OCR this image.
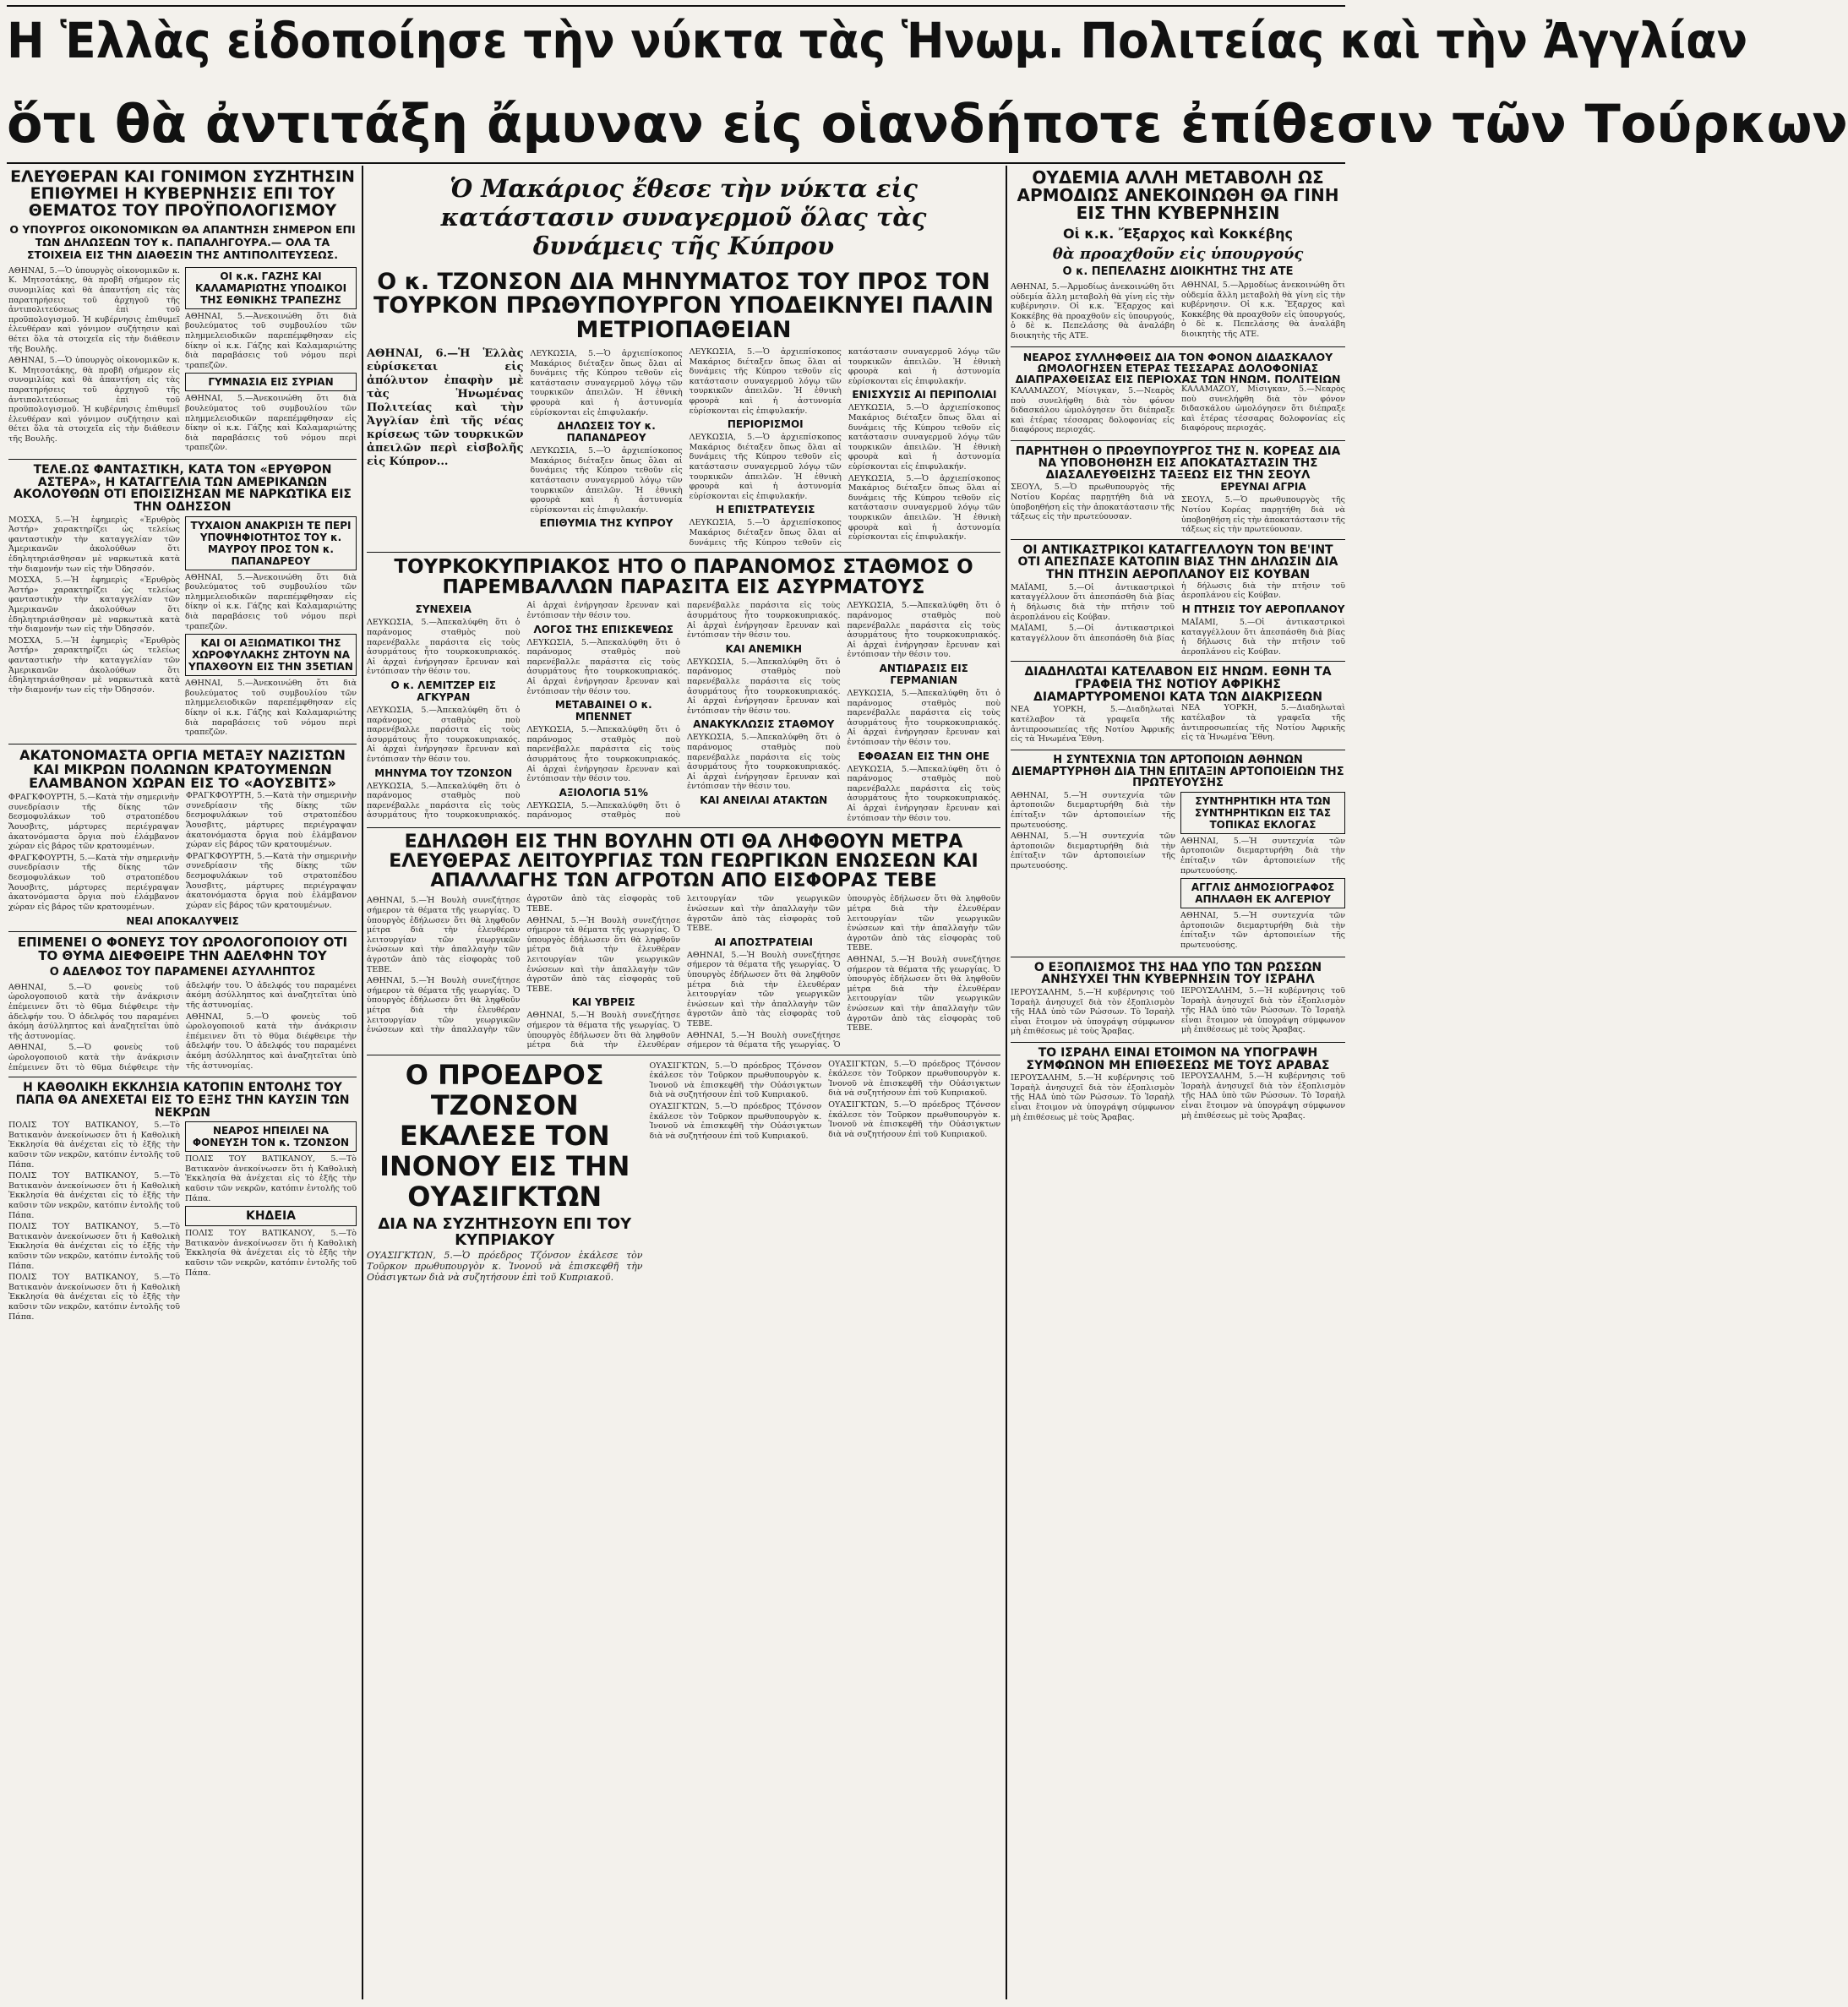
Η Ἑλλὰς εἰδοποίησε τὴν νύκτα τὰς Ἡνωμ. Πολιτείας καὶ τὴν Ἀγγλίαν
ὅτι θὰ ἀντιτάξη ἄμυναν εἰς οἱανδήποτε ἐπίθεσιν τῶν Τούρκων
ΕΛΕΥΘΕΡΑΝ ΚΑΙ ΓΟΝΙΜΟΝ ΣΥΖΗΤΗΣΙΝ ΕΠΙΘΥΜΕΙ Η ΚΥΒΕΡΝΗΣΙΣ ΕΠΙ ΤΟΥ ΘΕΜΑΤΟΣ ΤΟΥ ΠΡΟΫΠΟΛΟΓΙΣΜΟΥ
Ο ΥΠΟΥΡΓΟΣ ΟΙΚΟΝΟΜΙΚΩΝ ΘΑ ΑΠΑΝΤΗΣΗ ΣΗΜΕΡΟΝ ΕΠΙ ΤΩΝ ΔΗΛΩΣΕΩΝ ΤΟΥ κ. ΠΑΠΑΛΗΓΟΥΡΑ.— ΟΛΑ ΤΑ ΣΤΟΙΧΕΙΑ ΕΙΣ ΤΗΝ ΔΙΑΘΕΣΙΝ ΤΗΣ ΑΝΤΙΠΟΛΙΤΕΥΣΕΩΣ.

ΑΘΗΝΑΙ, 5.—Ὁ ὑπουργὸς οἰκονομικῶν κ. Κ. Μητσοτάκης, θὰ προβῆ σήμερον εἰς συνομιλίας καὶ θὰ ἀπαντήση εἰς τὰς παρατηρήσεις τοῦ ἀρχηγοῦ τῆς ἀντιπολιτεύσεως ἐπὶ τοῦ προϋπολογισμοῦ. Ἡ κυβέρνησις ἐπιθυμεῖ ἐλευθέραν καὶ γόνιμον συζήτησιν καὶ θέτει ὅλα τὰ στοιχεῖα εἰς τὴν διάθεσιν τῆς Βουλῆς.

ΑΘΗΝΑΙ, 5.—Ὁ ὑπουργὸς οἰκονομικῶν κ. Κ. Μητσοτάκης, θὰ προβῆ σήμερον εἰς συνομιλίας καὶ θὰ ἀπαντήση εἰς τὰς παρατηρήσεις τοῦ ἀρχηγοῦ τῆς ἀντιπολιτεύσεως ἐπὶ τοῦ προϋπολογισμοῦ. Ἡ κυβέρνησις ἐπιθυμεῖ ἐλευθέραν καὶ γόνιμον συζήτησιν καὶ θέτει ὅλα τὰ στοιχεῖα εἰς τὴν διάθεσιν τῆς Βουλῆς.

ΟΙ κ.κ. ΓΑΖΗΣ ΚΑΙ ΚΑΛΑΜΑΡΙΩΤΗΣ ΥΠΟΔΙΚΟΙ ΤΗΣ ΕΘΝΙΚΗΣ ΤΡΑΠΕΖΗΣ

ΑΘΗΝΑΙ, 5.—Ἀνεκοινώθη ὅτι διὰ βουλεύματος τοῦ συμβουλίου τῶν πλημμελειοδικῶν παρεπέμφθησαν εἰς δίκην οἱ κ.κ. Γάζης καὶ Καλαμαριώτης διὰ παραβάσεις τοῦ νόμου περὶ τραπεζῶν.

ΓΥΜΝΑΣΙΑ ΕΙΣ ΣΥΡΙΑΝ

ΑΘΗΝΑΙ, 5.—Ἀνεκοινώθη ὅτι διὰ βουλεύματος τοῦ συμβουλίου τῶν πλημμελειοδικῶν παρεπέμφθησαν εἰς δίκην οἱ κ.κ. Γάζης καὶ Καλαμαριώτης διὰ παραβάσεις τοῦ νόμου περὶ τραπεζῶν.

ΤΕΛΕ.ΩΣ ΦΑΝΤΑΣΤΙΚΗ, ΚΑΤΑ ΤΟΝ «ΕΡΥΘΡΟΝ ΑΣΤΕΡΑ», Η ΚΑΤΑΓΓΕΛΙΑ ΤΩΝ ΑΜΕΡΙΚΑΝΩΝ ΑΚΟΛΟΥΘΩΝ ΟΤΙ ΕΠΟΙΣΙΖΗΣΑΝ ΜΕ ΝΑΡΚΩΤΙΚΑ ΕΙΣ ΤΗΝ ΟΔΗΣΣΟΝ

ΜΟΣΧΑ, 5.—Ἡ ἐφημερὶς «Ἐρυθρὸς Ἀστήρ» χαρακτηρίζει ὡς τελείως φανταστικὴν τὴν καταγγελίαν τῶν Ἀμερικανῶν ἀκολούθων ὅτι ἐδηλητηριάσθησαν μὲ ναρκωτικὰ κατὰ τὴν διαμονήν των εἰς τὴν Ὀδησσόν.

ΜΟΣΧΑ, 5.—Ἡ ἐφημερὶς «Ἐρυθρὸς Ἀστήρ» χαρακτηρίζει ὡς τελείως φανταστικὴν τὴν καταγγελίαν τῶν Ἀμερικανῶν ἀκολούθων ὅτι ἐδηλητηριάσθησαν μὲ ναρκωτικὰ κατὰ τὴν διαμονήν των εἰς τὴν Ὀδησσόν.

ΜΟΣΧΑ, 5.—Ἡ ἐφημερὶς «Ἐρυθρὸς Ἀστήρ» χαρακτηρίζει ὡς τελείως φανταστικὴν τὴν καταγγελίαν τῶν Ἀμερικανῶν ἀκολούθων ὅτι ἐδηλητηριάσθησαν μὲ ναρκωτικὰ κατὰ τὴν διαμονήν των εἰς τὴν Ὀδησσόν.

ΤΥΧΑΙΟΝ ΑΝΑΚΡΙΣΗ ΤΕ ΠΕΡΙ ΥΠΟΨΗΦΙΟΤΗΤΟΣ ΤΟΥ κ. ΜΑΥΡΟΥ ΠΡΟΣ ΤΟΝ κ. ΠΑΠΑΝΔΡΕΟΥ

ΑΘΗΝΑΙ, 5.—Ἀνεκοινώθη ὅτι διὰ βουλεύματος τοῦ συμβουλίου τῶν πλημμελειοδικῶν παρεπέμφθησαν εἰς δίκην οἱ κ.κ. Γάζης καὶ Καλαμαριώτης διὰ παραβάσεις τοῦ νόμου περὶ τραπεζῶν.

ΚΑΙ ΟΙ ΑΞΙΩΜΑΤΙΚΟΙ ΤΗΣ ΧΩΡΟΦΥΛΑΚΗΣ ΖΗΤΟΥΝ ΝΑ ΥΠΑΧΘΟΥΝ ΕΙΣ ΤΗΝ 35ΕΤΙΑΝ

ΑΘΗΝΑΙ, 5.—Ἀνεκοινώθη ὅτι διὰ βουλεύματος τοῦ συμβουλίου τῶν πλημμελειοδικῶν παρεπέμφθησαν εἰς δίκην οἱ κ.κ. Γάζης καὶ Καλαμαριώτης διὰ παραβάσεις τοῦ νόμου περὶ τραπεζῶν.

ΑΚΑΤΟΝΟΜΑΣΤΑ ΟΡΓΙΑ ΜΕΤΑΞΥ ΝΑΖΙΣΤΩΝ ΚΑΙ ΜΙΚΡΩΝ ΠΟΛΩΝΩΝ ΚΡΑΤΟΥΜΕΝΩΝ ΕΛΑΜΒΑΝΟΝ ΧΩΡΑΝ ΕΙΣ ΤΟ «ΑΟΥΣΒΙΤΣ»

ΦΡΑΓΚΦΟΥΡΤΗ, 5.—Κατὰ τὴν σημερινὴν συνεδρίασιν τῆς δίκης τῶν δεσμοφυλάκων τοῦ στρατοπέδου Ἄουσβιτς, μάρτυρες περιέγραψαν ἀκατονόμαστα ὄργια ποὺ ἐλάμβανον χώραν εἰς βάρος τῶν κρατουμένων.

ΦΡΑΓΚΦΟΥΡΤΗ, 5.—Κατὰ τὴν σημερινὴν συνεδρίασιν τῆς δίκης τῶν δεσμοφυλάκων τοῦ στρατοπέδου Ἄουσβιτς, μάρτυρες περιέγραψαν ἀκατονόμαστα ὄργια ποὺ ἐλάμβανον χώραν εἰς βάρος τῶν κρατουμένων.

ΦΡΑΓΚΦΟΥΡΤΗ, 5.—Κατὰ τὴν σημερινὴν συνεδρίασιν τῆς δίκης τῶν δεσμοφυλάκων τοῦ στρατοπέδου Ἄουσβιτς, μάρτυρες περιέγραψαν ἀκατονόμαστα ὄργια ποὺ ἐλάμβανον χώραν εἰς βάρος τῶν κρατουμένων.

ΦΡΑΓΚΦΟΥΡΤΗ, 5.—Κατὰ τὴν σημερινὴν συνεδρίασιν τῆς δίκης τῶν δεσμοφυλάκων τοῦ στρατοπέδου Ἄουσβιτς, μάρτυρες περιέγραψαν ἀκατονόμαστα ὄργια ποὺ ἐλάμβανον χώραν εἰς βάρος τῶν κρατουμένων.

ΝΕΑΙ ΑΠΟΚΑΛΥΨΕΙΣ
ΕΠΙΜΕΝΕΙ Ο ΦΟΝΕΥΣ ΤΟΥ ΩΡΟΛΟΓΟΠΟΙΟΥ ΟΤΙ ΤΟ ΘΥΜΑ ΔΙΕΦΘΕΙΡΕ ΤΗΝ ΑΔΕΛΦΗΝ ΤΟΥ
Ο ΑΔΕΛΦΟΣ ΤΟΥ ΠΑΡΑΜΕΝΕΙ ΑΣΥΛΛΗΠΤΟΣ

ΑΘΗΝΑΙ, 5.—Ὁ φονεὺς τοῦ ὡρολογοποιοῦ κατὰ τὴν ἀνάκρισιν ἐπέμεινεν ὅτι τὸ θῦμα διέφθειρε τὴν ἀδελφήν του. Ὁ ἀδελφός του παραμένει ἀκόμη ἀσύλληπτος καὶ ἀναζητεῖται ὑπὸ τῆς ἀστυνομίας.

ΑΘΗΝΑΙ, 5.—Ὁ φονεὺς τοῦ ὡρολογοποιοῦ κατὰ τὴν ἀνάκρισιν ἐπέμεινεν ὅτι τὸ θῦμα διέφθειρε τὴν ἀδελφήν του. Ὁ ἀδελφός του παραμένει ἀκόμη ἀσύλληπτος καὶ ἀναζητεῖται ὑπὸ τῆς ἀστυνομίας.

ΑΘΗΝΑΙ, 5.—Ὁ φονεὺς τοῦ ὡρολογοποιοῦ κατὰ τὴν ἀνάκρισιν ἐπέμεινεν ὅτι τὸ θῦμα διέφθειρε τὴν ἀδελφήν του. Ὁ ἀδελφός του παραμένει ἀκόμη ἀσύλληπτος καὶ ἀναζητεῖται ὑπὸ τῆς ἀστυνομίας.

Η ΚΑΘΟΛΙΚΗ ΕΚΚΛΗΣΙΑ ΚΑΤΟΠΙΝ ΕΝΤΟΛΗΣ ΤΟΥ ΠΑΠΑ ΘΑ ΑΝΕΧΕΤΑΙ ΕΙΣ ΤΟ ΕΞΗΣ ΤΗΝ ΚΑΥΣΙΝ ΤΩΝ ΝΕΚΡΩΝ

ΠΟΛΙΣ ΤΟΥ ΒΑΤΙΚΑΝΟΥ, 5.—Τὸ Βατικανὸν ἀνεκοίνωσεν ὅτι ἡ Καθολικὴ Ἐκκλησία θὰ ἀνέχεται εἰς τὸ ἑξῆς τὴν καῦσιν τῶν νεκρῶν, κατόπιν ἐντολῆς τοῦ Πάπα.

ΠΟΛΙΣ ΤΟΥ ΒΑΤΙΚΑΝΟΥ, 5.—Τὸ Βατικανὸν ἀνεκοίνωσεν ὅτι ἡ Καθολικὴ Ἐκκλησία θὰ ἀνέχεται εἰς τὸ ἑξῆς τὴν καῦσιν τῶν νεκρῶν, κατόπιν ἐντολῆς τοῦ Πάπα.

ΠΟΛΙΣ ΤΟΥ ΒΑΤΙΚΑΝΟΥ, 5.—Τὸ Βατικανὸν ἀνεκοίνωσεν ὅτι ἡ Καθολικὴ Ἐκκλησία θὰ ἀνέχεται εἰς τὸ ἑξῆς τὴν καῦσιν τῶν νεκρῶν, κατόπιν ἐντολῆς τοῦ Πάπα.

ΠΟΛΙΣ ΤΟΥ ΒΑΤΙΚΑΝΟΥ, 5.—Τὸ Βατικανὸν ἀνεκοίνωσεν ὅτι ἡ Καθολικὴ Ἐκκλησία θὰ ἀνέχεται εἰς τὸ ἑξῆς τὴν καῦσιν τῶν νεκρῶν, κατόπιν ἐντολῆς τοῦ Πάπα.

ΝΕΑΡΟΣ ΗΠΕΙΛΕΙ ΝΑ ΦΟΝΕΥΣΗ ΤΟΝ κ. ΤΖΟΝΣΟΝ

ΠΟΛΙΣ ΤΟΥ ΒΑΤΙΚΑΝΟΥ, 5.—Τὸ Βατικανὸν ἀνεκοίνωσεν ὅτι ἡ Καθολικὴ Ἐκκλησία θὰ ἀνέχεται εἰς τὸ ἑξῆς τὴν καῦσιν τῶν νεκρῶν, κατόπιν ἐντολῆς τοῦ Πάπα.

ΚΗΔΕΙΑ

ΠΟΛΙΣ ΤΟΥ ΒΑΤΙΚΑΝΟΥ, 5.—Τὸ Βατικανὸν ἀνεκοίνωσεν ὅτι ἡ Καθολικὴ Ἐκκλησία θὰ ἀνέχεται εἰς τὸ ἑξῆς τὴν καῦσιν τῶν νεκρῶν, κατόπιν ἐντολῆς τοῦ Πάπα.

Ὁ Μακάριος ἔθεσε τὴν νύκτα εἰς κατάστασιν συναγερμοῦ ὅλας τὰς δυνάμεις τῆς Κύπρου
Ο κ. ΤΖΟΝΣΟΝ ΔΙΑ ΜΗΝΥΜΑΤΟΣ ΤΟΥ ΠΡΟΣ ΤΟΝ ΤΟΥΡΚΟΝ ΠΡΩΘΥΠΟΥΡΓΟΝ ΥΠΟΔΕΙΚΝΥΕΙ ΠΑΛΙΝ ΜΕΤΡΙΟΠΑΘΕΙΑΝ
ΑΘΗΝΑΙ, 6.—Ἡ Ἑλλὰς εὑρίσκεται εἰς ἀπόλυτον ἐπαφὴν μὲ τὰς Ἡνωμένας Πολιτείας καὶ τὴν Ἀγγλίαν ἐπὶ τῆς νέας κρίσεως τῶν τουρκικῶν ἀπειλῶν περὶ εἰσβολῆς εἰς Κύπρον...

ΛΕΥΚΩΣΙΑ, 5.—Ὁ ἀρχιεπίσκοπος Μακάριος διέταξεν ὅπως ὅλαι αἱ δυνάμεις τῆς Κύπρου τεθοῦν εἰς κατάστασιν συναγερμοῦ λόγῳ τῶν τουρκικῶν ἀπειλῶν. Ἡ ἐθνικὴ φρουρὰ καὶ ἡ ἀστυνομία εὑρίσκονται εἰς ἐπιφυλακήν.

ΔΗΛΩΣΕΙΣ ΤΟΥ κ. ΠΑΠΑΝΔΡΕΟΥ

ΛΕΥΚΩΣΙΑ, 5.—Ὁ ἀρχιεπίσκοπος Μακάριος διέταξεν ὅπως ὅλαι αἱ δυνάμεις τῆς Κύπρου τεθοῦν εἰς κατάστασιν συναγερμοῦ λόγῳ τῶν τουρκικῶν ἀπειλῶν. Ἡ ἐθνικὴ φρουρὰ καὶ ἡ ἀστυνομία εὑρίσκονται εἰς ἐπιφυλακήν.

ΕΠΙΘΥΜΙΑ ΤΗΣ ΚΥΠΡΟΥ

ΛΕΥΚΩΣΙΑ, 5.—Ὁ ἀρχιεπίσκοπος Μακάριος διέταξεν ὅπως ὅλαι αἱ δυνάμεις τῆς Κύπρου τεθοῦν εἰς κατάστασιν συναγερμοῦ λόγῳ τῶν τουρκικῶν ἀπειλῶν. Ἡ ἐθνικὴ φρουρὰ καὶ ἡ ἀστυνομία εὑρίσκονται εἰς ἐπιφυλακήν.

ΠΕΡΙΟΡΙΣΜΟΙ

ΛΕΥΚΩΣΙΑ, 5.—Ὁ ἀρχιεπίσκοπος Μακάριος διέταξεν ὅπως ὅλαι αἱ δυνάμεις τῆς Κύπρου τεθοῦν εἰς κατάστασιν συναγερμοῦ λόγῳ τῶν τουρκικῶν ἀπειλῶν. Ἡ ἐθνικὴ φρουρὰ καὶ ἡ ἀστυνομία εὑρίσκονται εἰς ἐπιφυλακήν.

Η ΕΠΙΣΤΡΑΤΕΥΣΙΣ

ΛΕΥΚΩΣΙΑ, 5.—Ὁ ἀρχιεπίσκοπος Μακάριος διέταξεν ὅπως ὅλαι αἱ δυνάμεις τῆς Κύπρου τεθοῦν εἰς κατάστασιν συναγερμοῦ λόγῳ τῶν τουρκικῶν ἀπειλῶν. Ἡ ἐθνικὴ φρουρὰ καὶ ἡ ἀστυνομία εὑρίσκονται εἰς ἐπιφυλακήν.

ΕΝΙΣΧΥΣΙΣ ΑΙ ΠΕΡΙΠΟΛΙΑΙ

ΛΕΥΚΩΣΙΑ, 5.—Ὁ ἀρχιεπίσκοπος Μακάριος διέταξεν ὅπως ὅλαι αἱ δυνάμεις τῆς Κύπρου τεθοῦν εἰς κατάστασιν συναγερμοῦ λόγῳ τῶν τουρκικῶν ἀπειλῶν. Ἡ ἐθνικὴ φρουρὰ καὶ ἡ ἀστυνομία εὑρίσκονται εἰς ἐπιφυλακήν.

ΛΕΥΚΩΣΙΑ, 5.—Ὁ ἀρχιεπίσκοπος Μακάριος διέταξεν ὅπως ὅλαι αἱ δυνάμεις τῆς Κύπρου τεθοῦν εἰς κατάστασιν συναγερμοῦ λόγῳ τῶν τουρκικῶν ἀπειλῶν. Ἡ ἐθνικὴ φρουρὰ καὶ ἡ ἀστυνομία εὑρίσκονται εἰς ἐπιφυλακήν.

ΤΟΥΡΚΟΚΥΠΡΙΑΚΟΣ ΗΤΟ Ο ΠΑΡΑΝΟΜΟΣ ΣΤΑΘΜΟΣ Ο ΠΑΡΕΜΒΑΛΛΩΝ ΠΑΡΑΣΙΤΑ ΕΙΣ ΑΣΥΡΜΑΤΟΥΣ
ΣΥΝΕΧΕΙΑ

ΛΕΥΚΩΣΙΑ, 5.—Ἀπεκαλύφθη ὅτι ὁ παράνομος σταθμὸς ποὺ παρενέβαλλε παράσιτα εἰς τοὺς ἀσυρμάτους ἦτο τουρκοκυπριακός. Αἱ ἀρχαὶ ἐνήργησαν ἔρευναν καὶ ἐντόπισαν τὴν θέσιν του.

Ο κ. ΛΕΜΙΤΖΕΡ ΕΙΣ ΑΓΚΥΡΑΝ

ΛΕΥΚΩΣΙΑ, 5.—Ἀπεκαλύφθη ὅτι ὁ παράνομος σταθμὸς ποὺ παρενέβαλλε παράσιτα εἰς τοὺς ἀσυρμάτους ἦτο τουρκοκυπριακός. Αἱ ἀρχαὶ ἐνήργησαν ἔρευναν καὶ ἐντόπισαν τὴν θέσιν του.

ΜΗΝΥΜΑ ΤΟΥ ΤΖΟΝΣΟΝ

ΛΕΥΚΩΣΙΑ, 5.—Ἀπεκαλύφθη ὅτι ὁ παράνομος σταθμὸς ποὺ παρενέβαλλε παράσιτα εἰς τοὺς ἀσυρμάτους ἦτο τουρκοκυπριακός. Αἱ ἀρχαὶ ἐνήργησαν ἔρευναν καὶ ἐντόπισαν τὴν θέσιν του.

ΛΟΓΟΣ ΤΗΣ ΕΠΙΣΚΕΨΕΩΣ

ΛΕΥΚΩΣΙΑ, 5.—Ἀπεκαλύφθη ὅτι ὁ παράνομος σταθμὸς ποὺ παρενέβαλλε παράσιτα εἰς τοὺς ἀσυρμάτους ἦτο τουρκοκυπριακός. Αἱ ἀρχαὶ ἐνήργησαν ἔρευναν καὶ ἐντόπισαν τὴν θέσιν του.

ΜΕΤΑΒΑΙΝΕΙ Ο κ. ΜΠΕΝΝΕΤ

ΛΕΥΚΩΣΙΑ, 5.—Ἀπεκαλύφθη ὅτι ὁ παράνομος σταθμὸς ποὺ παρενέβαλλε παράσιτα εἰς τοὺς ἀσυρμάτους ἦτο τουρκοκυπριακός. Αἱ ἀρχαὶ ἐνήργησαν ἔρευναν καὶ ἐντόπισαν τὴν θέσιν του.

ΑΞΙΟΛΟΓΙΑ 51%

ΛΕΥΚΩΣΙΑ, 5.—Ἀπεκαλύφθη ὅτι ὁ παράνομος σταθμὸς ποὺ παρενέβαλλε παράσιτα εἰς τοὺς ἀσυρμάτους ἦτο τουρκοκυπριακός. Αἱ ἀρχαὶ ἐνήργησαν ἔρευναν καὶ ἐντόπισαν τὴν θέσιν του.

ΚΑΙ ΑΝΕΜΙΚΗ

ΛΕΥΚΩΣΙΑ, 5.—Ἀπεκαλύφθη ὅτι ὁ παράνομος σταθμὸς ποὺ παρενέβαλλε παράσιτα εἰς τοὺς ἀσυρμάτους ἦτο τουρκοκυπριακός. Αἱ ἀρχαὶ ἐνήργησαν ἔρευναν καὶ ἐντόπισαν τὴν θέσιν του.

ΑΝΑΚΥΚΛΩΣΙΣ ΣΤΑΘΜΟΥ

ΛΕΥΚΩΣΙΑ, 5.—Ἀπεκαλύφθη ὅτι ὁ παράνομος σταθμὸς ποὺ παρενέβαλλε παράσιτα εἰς τοὺς ἀσυρμάτους ἦτο τουρκοκυπριακός. Αἱ ἀρχαὶ ἐνήργησαν ἔρευναν καὶ ἐντόπισαν τὴν θέσιν του.

ΚΑΙ ΑΝΕΙΛΑΙ ΑΤΑΚΤΩΝ

ΛΕΥΚΩΣΙΑ, 5.—Ἀπεκαλύφθη ὅτι ὁ παράνομος σταθμὸς ποὺ παρενέβαλλε παράσιτα εἰς τοὺς ἀσυρμάτους ἦτο τουρκοκυπριακός. Αἱ ἀρχαὶ ἐνήργησαν ἔρευναν καὶ ἐντόπισαν τὴν θέσιν του.

ΑΝΤΙΔΡΑΣΙΣ ΕΙΣ ΓΕΡΜΑΝΙΑΝ

ΛΕΥΚΩΣΙΑ, 5.—Ἀπεκαλύφθη ὅτι ὁ παράνομος σταθμὸς ποὺ παρενέβαλλε παράσιτα εἰς τοὺς ἀσυρμάτους ἦτο τουρκοκυπριακός. Αἱ ἀρχαὶ ἐνήργησαν ἔρευναν καὶ ἐντόπισαν τὴν θέσιν του.

ΕΦΘΑΣΑΝ ΕΙΣ ΤΗΝ ΟΗΕ

ΛΕΥΚΩΣΙΑ, 5.—Ἀπεκαλύφθη ὅτι ὁ παράνομος σταθμὸς ποὺ παρενέβαλλε παράσιτα εἰς τοὺς ἀσυρμάτους ἦτο τουρκοκυπριακός. Αἱ ἀρχαὶ ἐνήργησαν ἔρευναν καὶ ἐντόπισαν τὴν θέσιν του.

ΕΔΗΛΩΘΗ ΕΙΣ ΤΗΝ ΒΟΥΛΗΝ ΟΤΙ ΘΑ ΛΗΦΘΟΥΝ ΜΕΤΡΑ ΕΛΕΥΘΕΡΑΣ ΛΕΙΤΟΥΡΓΙΑΣ ΤΩΝ ΓΕΩΡΓΙΚΩΝ ΕΝΩΣΕΩΝ ΚΑΙ ΑΠΑΛΛΑΓΗΣ ΤΩΝ ΑΓΡΟΤΩΝ ΑΠΟ ΕΙΣΦΟΡΑΣ ΤΕΒΕ

ΑΘΗΝΑΙ, 5.—Ἡ Βουλὴ συνεζήτησε σήμερον τὰ θέματα τῆς γεωργίας. Ὁ ὑπουργὸς ἐδήλωσεν ὅτι θὰ ληφθοῦν μέτρα διὰ τὴν ἐλευθέραν λειτουργίαν τῶν γεωργικῶν ἑνώσεων καὶ τὴν ἀπαλλαγὴν τῶν ἀγροτῶν ἀπὸ τὰς εἰσφορὰς τοῦ ΤΕΒΕ.

ΑΘΗΝΑΙ, 5.—Ἡ Βουλὴ συνεζήτησε σήμερον τὰ θέματα τῆς γεωργίας. Ὁ ὑπουργὸς ἐδήλωσεν ὅτι θὰ ληφθοῦν μέτρα διὰ τὴν ἐλευθέραν λειτουργίαν τῶν γεωργικῶν ἑνώσεων καὶ τὴν ἀπαλλαγὴν τῶν ἀγροτῶν ἀπὸ τὰς εἰσφορὰς τοῦ ΤΕΒΕ.

ΑΘΗΝΑΙ, 5.—Ἡ Βουλὴ συνεζήτησε σήμερον τὰ θέματα τῆς γεωργίας. Ὁ ὑπουργὸς ἐδήλωσεν ὅτι θὰ ληφθοῦν μέτρα διὰ τὴν ἐλευθέραν λειτουργίαν τῶν γεωργικῶν ἑνώσεων καὶ τὴν ἀπαλλαγὴν τῶν ἀγροτῶν ἀπὸ τὰς εἰσφορὰς τοῦ ΤΕΒΕ.

ΚΑΙ ΥΒΡΕΙΣ

ΑΘΗΝΑΙ, 5.—Ἡ Βουλὴ συνεζήτησε σήμερον τὰ θέματα τῆς γεωργίας. Ὁ ὑπουργὸς ἐδήλωσεν ὅτι θὰ ληφθοῦν μέτρα διὰ τὴν ἐλευθέραν λειτουργίαν τῶν γεωργικῶν ἑνώσεων καὶ τὴν ἀπαλλαγὴν τῶν ἀγροτῶν ἀπὸ τὰς εἰσφορὰς τοῦ ΤΕΒΕ.

ΑΙ ΑΠΟΣΤΡΑΤΕΙΑΙ

ΑΘΗΝΑΙ, 5.—Ἡ Βουλὴ συνεζήτησε σήμερον τὰ θέματα τῆς γεωργίας. Ὁ ὑπουργὸς ἐδήλωσεν ὅτι θὰ ληφθοῦν μέτρα διὰ τὴν ἐλευθέραν λειτουργίαν τῶν γεωργικῶν ἑνώσεων καὶ τὴν ἀπαλλαγὴν τῶν ἀγροτῶν ἀπὸ τὰς εἰσφορὰς τοῦ ΤΕΒΕ.

ΑΘΗΝΑΙ, 5.—Ἡ Βουλὴ συνεζήτησε σήμερον τὰ θέματα τῆς γεωργίας. Ὁ ὑπουργὸς ἐδήλωσεν ὅτι θὰ ληφθοῦν μέτρα διὰ τὴν ἐλευθέραν λειτουργίαν τῶν γεωργικῶν ἑνώσεων καὶ τὴν ἀπαλλαγὴν τῶν ἀγροτῶν ἀπὸ τὰς εἰσφορὰς τοῦ ΤΕΒΕ.

ΑΘΗΝΑΙ, 5.—Ἡ Βουλὴ συνεζήτησε σήμερον τὰ θέματα τῆς γεωργίας. Ὁ ὑπουργὸς ἐδήλωσεν ὅτι θὰ ληφθοῦν μέτρα διὰ τὴν ἐλευθέραν λειτουργίαν τῶν γεωργικῶν ἑνώσεων καὶ τὴν ἀπαλλαγὴν τῶν ἀγροτῶν ἀπὸ τὰς εἰσφορὰς τοῦ ΤΕΒΕ.

Ο ΠΡΟΕΔΡΟΣ ΤΖΟΝΣΟΝ ΕΚΑΛΕΣΕ ΤΟΝ ΙΝΟΝΟΥ ΕΙΣ ΤΗΝ ΟΥΑΣΙΓΚΤΩΝ
ΔΙΑ ΝΑ ΣΥΖΗΤΗΣΟΥΝ ΕΠΙ ΤΟΥ ΚΥΠΡΙΑΚΟΥ

ΟΥΑΣΙΓΚΤΩΝ, 5.—Ὁ πρόεδρος Τζόνσον ἐκάλεσε τὸν Τοῦρκον πρωθυπουργὸν κ. Ἰνονοῦ νὰ ἐπισκεφθῆ τὴν Οὐάσιγκτων διὰ νὰ συζητήσουν ἐπὶ τοῦ Κυπριακοῦ.

ΟΥΑΣΙΓΚΤΩΝ, 5.—Ὁ πρόεδρος Τζόνσον ἐκάλεσε τὸν Τοῦρκον πρωθυπουργὸν κ. Ἰνονοῦ νὰ ἐπισκεφθῆ τὴν Οὐάσιγκτων διὰ νὰ συζητήσουν ἐπὶ τοῦ Κυπριακοῦ.

ΟΥΑΣΙΓΚΤΩΝ, 5.—Ὁ πρόεδρος Τζόνσον ἐκάλεσε τὸν Τοῦρκον πρωθυπουργὸν κ. Ἰνονοῦ νὰ ἐπισκεφθῆ τὴν Οὐάσιγκτων διὰ νὰ συζητήσουν ἐπὶ τοῦ Κυπριακοῦ.

ΟΥΑΣΙΓΚΤΩΝ, 5.—Ὁ πρόεδρος Τζόνσον ἐκάλεσε τὸν Τοῦρκον πρωθυπουργὸν κ. Ἰνονοῦ νὰ ἐπισκεφθῆ τὴν Οὐάσιγκτων διὰ νὰ συζητήσουν ἐπὶ τοῦ Κυπριακοῦ.

ΟΥΑΣΙΓΚΤΩΝ, 5.—Ὁ πρόεδρος Τζόνσον ἐκάλεσε τὸν Τοῦρκον πρωθυπουργὸν κ. Ἰνονοῦ νὰ ἐπισκεφθῆ τὴν Οὐάσιγκτων διὰ νὰ συζητήσουν ἐπὶ τοῦ Κυπριακοῦ.

ΟΥΔΕΜΙΑ ΑΛΛΗ ΜΕΤΑΒΟΛΗ ΩΣ ΑΡΜΟΔΙΩΣ ΑΝΕΚΟΙΝΩΘΗ ΘΑ ΓΙΝΗ ΕΙΣ ΤΗΝ ΚΥΒΕΡΝΗΣΙΝ
Οἱ κ.κ. Ἔξαρχος καὶ Κοκκέβης
θὰ προαχθοῦν εἰς ὑπουργούς
Ο κ. ΠΕΠΕΛΑΣΗΣ ΔΙΟΙΚΗΤΗΣ ΤΗΣ ΑΤΕ

ΑΘΗΝΑΙ, 5.—Ἀρμοδίως ἀνεκοινώθη ὅτι οὐδεμία ἄλλη μεταβολὴ θὰ γίνη εἰς τὴν κυβέρνησιν. Οἱ κ.κ. Ἔξαρχος καὶ Κοκκέβης θὰ προαχθοῦν εἰς ὑπουργούς, ὁ δὲ κ. Πεπελάσης θὰ ἀναλάβη διοικητὴς τῆς ΑΤΕ.

ΑΘΗΝΑΙ, 5.—Ἀρμοδίως ἀνεκοινώθη ὅτι οὐδεμία ἄλλη μεταβολὴ θὰ γίνη εἰς τὴν κυβέρνησιν. Οἱ κ.κ. Ἔξαρχος καὶ Κοκκέβης θὰ προαχθοῦν εἰς ὑπουργούς, ὁ δὲ κ. Πεπελάσης θὰ ἀναλάβη διοικητὴς τῆς ΑΤΕ.

ΝΕΑΡΟΣ ΣΥΛΛΗΦΘΕΙΣ ΔΙΑ ΤΟΝ ΦΟΝΟΝ ΔΙΔΑΣΚΑΛΟΥ ΩΜΟΛΟΓΗΣΕΝ ΕΤΕΡΑΣ ΤΕΣΣΑΡΑΣ ΔΟΛΟΦΟΝΙΑΣ ΔΙΑΠΡΑΧΘΕΙΣΑΣ ΕΙΣ ΠΕΡΙΟΧΑΣ ΤΩΝ ΗΝΩΜ. ΠΟΛΙΤΕΙΩΝ

ΚΑΛΑΜΑΖΟΥ, Μίσιγκαν, 5.—Νεαρὸς ποὺ συνελήφθη διὰ τὸν φόνον διδασκάλου ὡμολόγησεν ὅτι διέπραξε καὶ ἑτέρας τέσσαρας δολοφονίας εἰς διαφόρους περιοχάς.

ΚΑΛΑΜΑΖΟΥ, Μίσιγκαν, 5.—Νεαρὸς ποὺ συνελήφθη διὰ τὸν φόνον διδασκάλου ὡμολόγησεν ὅτι διέπραξε καὶ ἑτέρας τέσσαρας δολοφονίας εἰς διαφόρους περιοχάς.

ΠΑΡΗΤΗΘΗ Ο ΠΡΩΘΥΠΟΥΡΓΟΣ ΤΗΣ Ν. ΚΟΡΕΑΣ ΔΙΑ ΝΑ ΥΠΟΒΟΗΘΗΣΗ ΕΙΣ ΑΠΟΚΑΤΑΣΤΑΣΙΝ ΤΗΣ ΔΙΑΣΑΛΕΥΘΕΙΣΗΣ ΤΑΞΕΩΣ ΕΙΣ ΤΗΝ ΣΕΟΥΛ

ΣΕΟΥΛ, 5.—Ὁ πρωθυπουργὸς τῆς Νοτίου Κορέας παρῃτήθη διὰ νὰ ὑποβοηθήση εἰς τὴν ἀποκατάστασιν τῆς τάξεως εἰς τὴν πρωτεύουσαν.

ΕΡΕΥΝΑΙ ΑΓΡΙΑ

ΣΕΟΥΛ, 5.—Ὁ πρωθυπουργὸς τῆς Νοτίου Κορέας παρῃτήθη διὰ νὰ ὑποβοηθήση εἰς τὴν ἀποκατάστασιν τῆς τάξεως εἰς τὴν πρωτεύουσαν.

ΟΙ ΑΝΤΙΚΑΣΤΡΙΚΟΙ ΚΑΤΑΓΓΕΛΛΟΥΝ ΤΟΝ ΒΕ'ΙΝΤ ΟΤΙ ΑΠΕΣΠΑΣΕ ΚΑΤΟΠΙΝ ΒΙΑΣ ΤΗΝ ΔΗΛΩΣΙΝ ΔΙΑ ΤΗΝ ΠΤΗΣΙΝ ΑΕΡΟΠΛΑΝΟΥ ΕΙΣ ΚΟΥΒΑΝ

ΜΑΪΑΜΙ, 5.—Οἱ ἀντικαστρικοὶ καταγγέλλουν ὅτι ἀπεσπάσθη διὰ βίας ἡ δήλωσις διὰ τὴν πτῆσιν τοῦ ἀεροπλάνου εἰς Κούβαν.

ΜΑΪΑΜΙ, 5.—Οἱ ἀντικαστρικοὶ καταγγέλλουν ὅτι ἀπεσπάσθη διὰ βίας ἡ δήλωσις διὰ τὴν πτῆσιν τοῦ ἀεροπλάνου εἰς Κούβαν.

Η ΠΤΗΣΙΣ ΤΟΥ ΑΕΡΟΠΛΑΝΟΥ

ΜΑΪΑΜΙ, 5.—Οἱ ἀντικαστρικοὶ καταγγέλλουν ὅτι ἀπεσπάσθη διὰ βίας ἡ δήλωσις διὰ τὴν πτῆσιν τοῦ ἀεροπλάνου εἰς Κούβαν.

ΔΙΑΔΗΛΩΤΑΙ ΚΑΤΕΛΑΒΟΝ ΕΙΣ ΗΝΩΜ. ΕΘΝΗ ΤΑ ΓΡΑΦΕΙΑ ΤΗΣ ΝΟΤΙΟΥ ΑΦΡΙΚΗΣ ΔΙΑΜΑΡΤΥΡΟΜΕΝΟΙ ΚΑΤΑ ΤΩΝ ΔΙΑΚΡΙΣΕΩΝ

ΝΕΑ ΥΟΡΚΗ, 5.—Διαδηλωταὶ κατέλαβον τὰ γραφεῖα τῆς ἀντιπροσωπείας τῆς Νοτίου Ἀφρικῆς εἰς τὰ Ἡνωμένα Ἔθνη.

ΝΕΑ ΥΟΡΚΗ, 5.—Διαδηλωταὶ κατέλαβον τὰ γραφεῖα τῆς ἀντιπροσωπείας τῆς Νοτίου Ἀφρικῆς εἰς τὰ Ἡνωμένα Ἔθνη.

Η ΣΥΝΤΕΧΝΙΑ ΤΩΝ ΑΡΤΟΠΟΙΩΝ ΑΘΗΝΩΝ ΔΙΕΜΑΡΤΥΡΗΘΗ ΔΙΑ ΤΗΝ ΕΠΙΤΑΞΙΝ ΑΡΤΟΠΟΙΕΙΩΝ ΤΗΣ ΠΡΩΤΕΥΟΥΣΗΣ

ΑΘΗΝΑΙ, 5.—Ἡ συντεχνία τῶν ἀρτοποιῶν διεμαρτυρήθη διὰ τὴν ἐπίταξιν τῶν ἀρτοποιείων τῆς πρωτευούσης.

ΑΘΗΝΑΙ, 5.—Ἡ συντεχνία τῶν ἀρτοποιῶν διεμαρτυρήθη διὰ τὴν ἐπίταξιν τῶν ἀρτοποιείων τῆς πρωτευούσης.

ΣΥΝΤΗΡΗΤΙΚΗ ΗΤΑ ΤΩΝ ΣΥΝΤΗΡΗΤΙΚΩΝ ΕΙΣ ΤΑΣ ΤΟΠΙΚΑΣ ΕΚΛΟΓΑΣ

ΑΘΗΝΑΙ, 5.—Ἡ συντεχνία τῶν ἀρτοποιῶν διεμαρτυρήθη διὰ τὴν ἐπίταξιν τῶν ἀρτοποιείων τῆς πρωτευούσης.

ΑΓΓΛΙΣ ΔΗΜΟΣΙΟΓΡΑΦΟΣ ΑΠΗΛΑΘΗ ΕΚ ΑΛΓΕΡΙΟΥ

ΑΘΗΝΑΙ, 5.—Ἡ συντεχνία τῶν ἀρτοποιῶν διεμαρτυρήθη διὰ τὴν ἐπίταξιν τῶν ἀρτοποιείων τῆς πρωτευούσης.

Ο ΕΞΟΠΛΙΣΜΟΣ ΤΗΣ ΗΑΔ ΥΠΟ ΤΩΝ ΡΩΣΣΩΝ ΑΝΗΣΥΧΕΙ ΤΗΝ ΚΥΒΕΡΝΗΣΙΝ ΤΟΥ ΙΣΡΑΗΛ

ΙΕΡΟΥΣΑΛΗΜ, 5.—Ἡ κυβέρνησις τοῦ Ἰσραὴλ ἀνησυχεῖ διὰ τὸν ἐξοπλισμὸν τῆς ΗΑΔ ὑπὸ τῶν Ρώσσων. Τὸ Ἰσραὴλ εἶναι ἕτοιμον νὰ ὑπογράψη σύμφωνον μὴ ἐπιθέσεως μὲ τοὺς Ἄραβας.

ΙΕΡΟΥΣΑΛΗΜ, 5.—Ἡ κυβέρνησις τοῦ Ἰσραὴλ ἀνησυχεῖ διὰ τὸν ἐξοπλισμὸν τῆς ΗΑΔ ὑπὸ τῶν Ρώσσων. Τὸ Ἰσραὴλ εἶναι ἕτοιμον νὰ ὑπογράψη σύμφωνον μὴ ἐπιθέσεως μὲ τοὺς Ἄραβας.

ΤΟ ΙΣΡΑΗΛ ΕΙΝΑΙ ΕΤΟΙΜΟΝ ΝΑ ΥΠΟΓΡΑΨΗ ΣΥΜΦΩΝΟΝ ΜΗ ΕΠΙΘΕΣΕΩΣ ΜΕ ΤΟΥΣ ΑΡΑΒΑΣ

ΙΕΡΟΥΣΑΛΗΜ, 5.—Ἡ κυβέρνησις τοῦ Ἰσραὴλ ἀνησυχεῖ διὰ τὸν ἐξοπλισμὸν τῆς ΗΑΔ ὑπὸ τῶν Ρώσσων. Τὸ Ἰσραὴλ εἶναι ἕτοιμον νὰ ὑπογράψη σύμφωνον μὴ ἐπιθέσεως μὲ τοὺς Ἄραβας.

ΙΕΡΟΥΣΑΛΗΜ, 5.—Ἡ κυβέρνησις τοῦ Ἰσραὴλ ἀνησυχεῖ διὰ τὸν ἐξοπλισμὸν τῆς ΗΑΔ ὑπὸ τῶν Ρώσσων. Τὸ Ἰσραὴλ εἶναι ἕτοιμον νὰ ὑπογράψη σύμφωνον μὴ ἐπιθέσεως μὲ τοὺς Ἄραβας.
